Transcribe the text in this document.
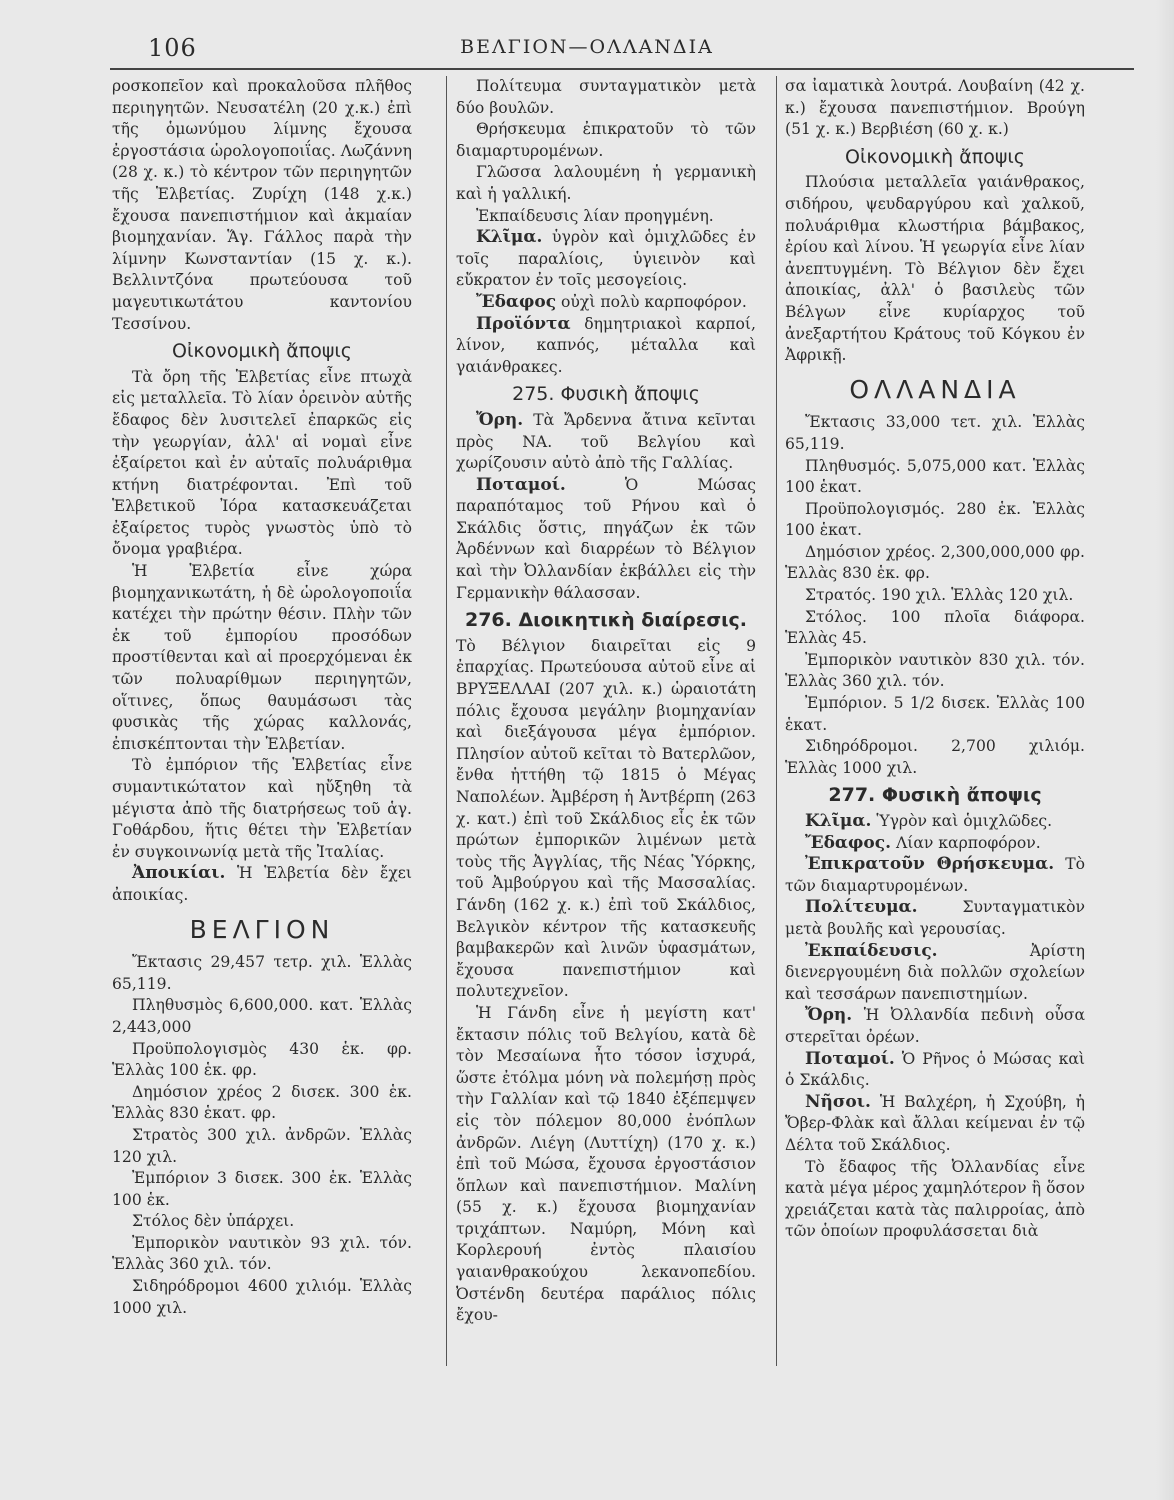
106	ΒΕΛΓΙΟΝ—ΟΛΛΑΝΔΙΑ

ροσκοπεῖον καὶ προκαλοῦσα πλῆθος περιηγητῶν. Νευσατέλη (20 χ.κ.) ἐπὶ τῆς ὁμωνύμου λίμνης ἔχουσα ἐργοστάσια ὡρολογοποιΐας. Λωζάννη (28 χ. κ.) τὸ κέντρον τῶν περιηγητῶν τῆς Ἑλβετίας. Ζυρίχη (148 χ.κ.) ἔχουσα πανεπιστήμιον καὶ ἀκμαίαν βιομηχανίαν. Ἅγ. Γάλλος παρὰ τὴν λίμνην Κωνσταντίαν (15 χ. κ.). Βελλιντζόνα πρωτεύουσα τοῦ μαγευτικωτάτου καντονίου Τεσσίνου.

Οἰκονομικὴ ἄποψις

Τὰ ὄρη τῆς Ἑλβετίας εἶνε πτωχὰ εἰς μεταλλεῖα. Τὸ λίαν ὀρεινὸν αὐτῆς ἔδαφος δὲν λυσιτελεῖ ἐπαρκῶς εἰς τὴν γεωργίαν, ἀλλ' αἱ νομαὶ εἶνε ἐξαίρετοι καὶ ἐν αὐταῖς πολυάριθμα κτήνη διατρέφονται. Ἐπὶ τοῦ Ἑλβετικοῦ Ἰόρα κατασκευάζεται ἐξαίρετος τυρὸς γνωστὸς ὑπὸ τὸ ὄνομα γραβιέρα.

Ἡ Ἑλβετία εἶνε χώρα βιομηχανικωτάτη, ἡ δὲ ὡρολογοποιΐα κατέχει τὴν πρώτην θέσιν. Πλὴν τῶν ἐκ τοῦ ἐμπορίου προσόδων προστίθενται καὶ αἱ προερχόμεναι ἐκ τῶν πολυαρίθμων περιηγητῶν, οἵτινες, ὅπως θαυμάσωσι τὰς φυσικὰς τῆς χώρας καλλονάς, ἐπισκέπτονται τὴν Ἑλβετίαν.

Τὸ ἐμπόριον τῆς Ἑλβετίας εἶνε συμαντικώτατον καὶ ηὔξηθη τὰ μέγιστα ἀπὸ τῆς διατρήσεως τοῦ ἁγ. Γοθάρδου, ἥτις θέτει τὴν Ἑλβετίαν ἐν συγκοινωνίᾳ μετὰ τῆς Ἰταλίας.

Ἀποικίαι. Ἡ Ἑλβετία δὲν ἔχει ἀποικίας.

ΒΕΛΓΙΟΝ

Ἔκτασις 29,457 τετρ. χιλ. Ἑλλὰς 65,119.

Πληθυσμὸς 6,600,000. κατ. Ἑλλὰς 2,443,000

Προϋπολογισμὸς 430 ἑκ. φρ. Ἑλλὰς 100 ἑκ. φρ.

Δημόσιον χρέος 2 δισεκ. 300 ἑκ. Ἑλλὰς 830 ἑκατ. φρ.

Στρατὸς 300 χιλ. ἀνδρῶν. Ἑλλὰς 120 χιλ.

Ἐμπόριον 3 δισεκ. 300 ἑκ. Ἑλλὰς 100 ἑκ.

Στόλος δὲν ὑπάρχει.

Ἐμπορικὸν ναυτικὸν 93 χιλ. τόν. Ἑλλὰς 360 χιλ. τόν.

Σιδηρόδρομοι 4600 χιλιόμ. Ἑλλὰς 1000 χιλ.

Πολίτευμα συνταγματικὸν μετὰ δύο βουλῶν.

Θρήσκευμα ἐπικρατοῦν τὸ τῶν διαμαρτυρομένων.

Γλῶσσα λαλουμένη ἡ γερμανικὴ καὶ ἡ γαλλική.

Ἐκπαίδευσις λίαν προηγμένη.

Κλῖμα. ὑγρὸν καὶ ὁμιχλῶδες ἐν τοῖς παραλίοις, ὑγιεινὸν καὶ εὔκρατον ἐν τοῖς μεσογείοις.

Ἔδαφος οὐχὶ πολὺ καρποφόρον.

Προϊόντα δημητριακοὶ καρποί, λίνον, καπνός, μέταλλα καὶ γαιάνθρακες.

275. Φυσικὴ ἄποψις

Ὄρη. Τὰ Ἄρδεννα ἄτινα κεῖνται πρὸς ΝΑ. τοῦ Βελγίου καὶ χωρίζουσιν αὐτὸ ἀπὸ τῆς Γαλλίας.

Ποταμοί.	Ὁ Μώσας παραπόταμος τοῦ Ρήνου καὶ ὁ Σκάλδις ὅστις, πηγάζων ἐκ τῶν Ἀρδέννων καὶ διαρρέων τὸ Βέλγιον καὶ τὴν Ὀλλανδίαν ἐκβάλλει εἰς τὴν Γερμανικὴν θάλασσαν.

276. Διοικητικὴ διαίρεσις.

Τὸ Βέλγιον διαιρεῖται εἰς 9 ἐπαρχίας. Πρωτεύουσα αὐτοῦ εἶνε αἱ ΒΡΥΞΕΛΛΑΙ (207 χιλ. κ.) ὡραιοτάτη πόλις ἔχουσα μεγάλην βιομηχανίαν καὶ διεξάγουσα μέγα ἐμπόριον. Πλησίον αὐτοῦ κεῖται τὸ Βατερλῶον, ἔνθα ἡττήθη τῷ 1815 ὁ Μέγας Ναπολέων. Ἀμβέρση ἡ Ἀντβέρπη (263 χ. κατ.) ἐπὶ τοῦ Σκάλδιος εἷς ἐκ τῶν πρώτων ἐμπορικῶν λιμένων μετὰ τοὺς τῆς Ἀγγλίας, τῆς Νέας Ὑόρκης, τοῦ Ἀμβούργου καὶ τῆς Μασσαλίας. Γάνδη (162 χ. κ.) ἐπὶ τοῦ Σκάλδιος, Βελγικὸν κέντρον τῆς κατασκευῆς βαμβακερῶν καὶ λινῶν ὑφασμάτων, ἔχουσα πανεπιστήμιον καὶ πολυτεχνεῖον.

Ἡ Γάνδη εἶνε ἡ μεγίστη κατ' ἔκτασιν πόλις τοῦ Βελγίου, κατὰ δὲ τὸν Μεσαίωνα ἦτο τόσον ἰσχυρά, ὥστε ἐτόλμα μόνη νὰ πολεμήσῃ πρὸς τὴν Γαλλίαν καὶ τῷ 1840 ἐξέπεμψεν εἰς τὸν πόλεμον 80,000 ἐνόπλων ἀνδρῶν. Λιέγη (Λυττίχη) (170 χ. κ.) ἐπὶ τοῦ Μώσα, ἔχουσα ἐργοστάσιον ὅπλων καὶ πανεπιστήμιον. Μαλίνη (55 χ. κ.) ἔχουσα βιομηχανίαν τριχάπτων. Ναμύρη, Μόνη καὶ Κορλερουή ἐντὸς πλαισίου γαιανθρακούχου λεκανοπεδίου. Ὀστένδη δευτέρα παράλιος πόλις ἔχου-

σα ἰαματικὰ λουτρά. Λουβαίνη (42 χ. κ.) ἔχουσα πανεπιστήμιον. Βρούγη (51 χ. κ.) Βερβιέση (60 χ. κ.)

Οἰκονομικὴ ἄποψις

Πλούσια μεταλλεῖα γαιάνθρακος, σιδήρου, ψευδαργύρου καὶ χαλκοῦ, πολυάριθμα κλωστήρια βάμβακος, ἐρίου καὶ λίνου. Ἡ γεωργία εἶνε λίαν ἀνεπτυγμένη. Τὸ Βέλγιον δὲν ἔχει ἀποικίας, ἀλλ' ὁ βασιλεὺς τῶν Βέλγων εἶνε κυρίαρχος τοῦ ἀνεξαρτήτου Κράτους τοῦ Κόγκου ἐν Ἀφρικῇ.

ΟΛΛΑΝΔΙΑ

Ἔκτασις 33,000 τετ. χιλ. Ἑλλὰς 65,119.

Πληθυσμός. 5,075,000 κατ. Ἑλλὰς 100 ἑκατ.

Προϋπολογισμός. 280 ἑκ. Ἑλλὰς 100 ἑκατ.

Δημόσιον χρέος. 2,300,000,000 φρ. Ἑλλὰς 830 ἑκ. φρ.

Στρατός. 190 χιλ. Ἑλλὰς 120 χιλ.

Στόλος. 100 πλοῖα διάφορα. Ἑλλὰς 45.

Ἐμπορικὸν ναυτικὸν 830 χιλ. τόν. Ἑλλὰς 360 χιλ. τόν.

Ἐμπόριον. 5 1/2 δισεκ. Ἑλλὰς 100 ἑκατ.

Σιδηρόδρομοι. 2,700 χιλιόμ. Ἑλλὰς 1000 χιλ.

277. Φυσικὴ ἄποψις

Κλῖμα. Ὑγρὸν καὶ ὁμιχλῶδες.

Ἔδαφος. Λίαν καρποφόρον.

Ἐπικρατοῦν Θρήσκευμα. Τὸ τῶν διαμαρτυρομένων.

Πολίτευμα.	Συνταγματικὸν μετὰ βουλῆς καὶ γερουσίας.

Ἐκπαίδευσις.	Ἀρίστη διενεργουμένη διὰ πολλῶν σχολείων καὶ τεσσάρων πανεπιστημίων.

Ὄρη. Ἡ Ὀλλανδία πεδινὴ οὖσα στερεῖται ὀρέων.

Ποταμοί. Ὁ Ρῆνος ὁ Μώσας καὶ ὁ Σκάλδις.

Νῆσοι. Ἡ Βαλχέρη, ἡ Σχούβη, ἡ Ὄβερ-Φλὰκ καὶ ἄλλαι κείμεναι ἐν τῷ Δέλτα τοῦ Σκάλδιος.

Τὸ ἔδαφος τῆς Ὀλλανδίας εἶνε κατὰ μέγα μέρος χαμηλότερον ἢ ὅσον χρειάζεται κατὰ τὰς παλιρροίας, ἀπὸ τῶν ὁποίων προφυλάσσεται διὰ
